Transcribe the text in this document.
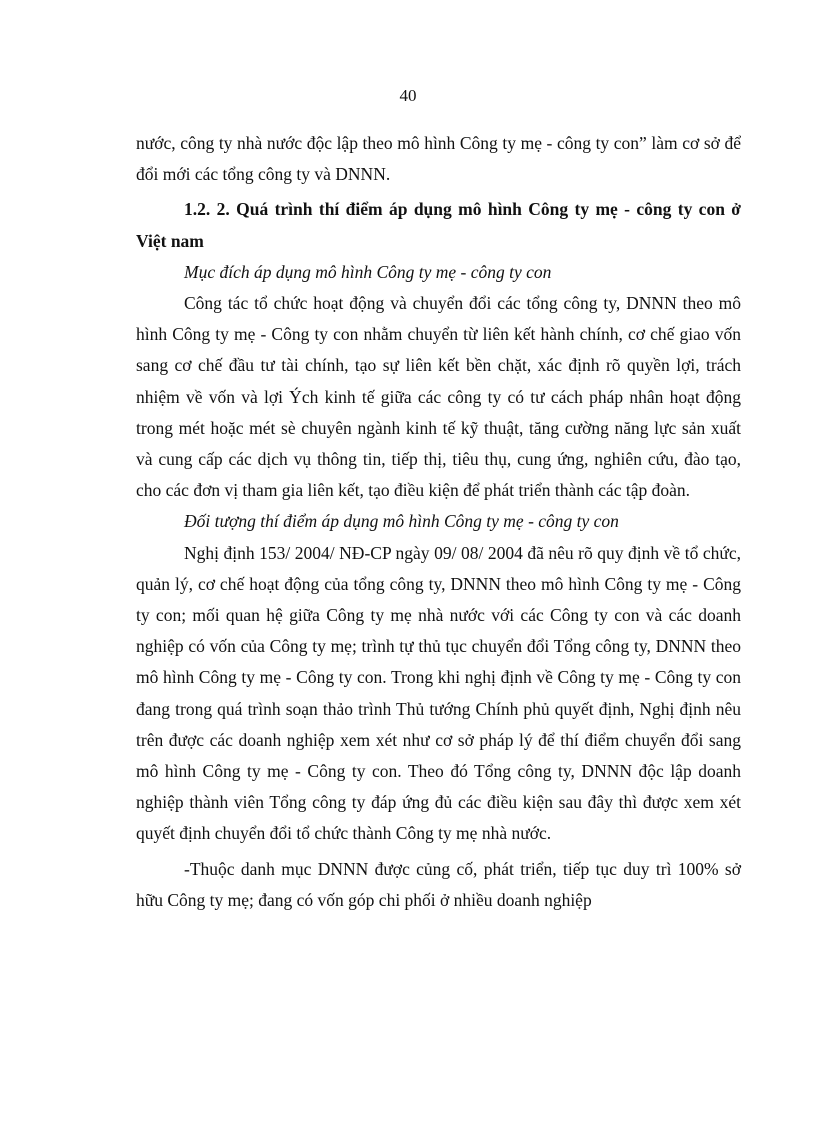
40

nước, công ty nhà nước độc lập theo mô hình Công ty mẹ - công ty con” làm cơ sở để đổi mới các tổng công ty và DNNN.

1.2. 2. Quá trình thí điểm áp dụng mô hình Công ty mẹ - công ty con ở Việt nam

Mục đích áp dụng mô hình Công ty mẹ - công ty con

Công tác tổ chức hoạt động và chuyển đổi các tổng công ty, DNNN theo mô hình Công ty mẹ - Công ty con nhằm chuyển từ liên kết hành chính, cơ chế giao vốn sang cơ chế đầu tư tài chính, tạo sự liên kết bền chặt, xác định rõ quyền lợi, trách nhiệm về vốn và lợi Ých kinh tế giữa các công ty có tư cách pháp nhân hoạt động trong mét hoặc mét sè chuyên ngành kinh tế kỹ thuật, tăng cường năng lực sản xuất và cung cấp các dịch vụ thông tin, tiếp thị, tiêu thụ, cung ứng, nghiên cứu, đào tạo, cho các đơn vị tham gia liên kết, tạo điều kiện để phát triển thành các tập đoàn.

Đối tượng thí điểm áp dụng mô hình Công ty mẹ - công ty con

Nghị định 153/ 2004/ NĐ-CP ngày 09/ 08/ 2004 đã nêu rõ quy định về tổ chức, quản lý, cơ chế hoạt động của tổng công ty, DNNN theo mô hình Công ty mẹ - Công ty con; mối quan hệ giữa Công ty mẹ nhà nước với các Công ty con và các doanh nghiệp có vốn của Công ty mẹ; trình tự thủ tục chuyển đổi Tổng công ty, DNNN theo mô hình Công ty mẹ - Công ty con. Trong khi nghị định về Công ty mẹ - Công ty con đang trong quá trình soạn thảo trình Thủ tướng Chính phủ quyết định, Nghị định nêu trên được các doanh nghiệp xem xét như cơ sở pháp lý để thí điểm chuyển đổi sang mô hình Công ty mẹ - Công ty con. Theo đó Tổng công ty, DNNN độc lập doanh nghiệp thành viên Tổng công ty đáp ứng đủ các điều kiện sau đây thì được xem xét quyết định chuyển đổi tổ chức thành Công ty mẹ nhà nước.

-Thuộc danh mục DNNN được củng cố, phát triển, tiếp tục duy trì 100% sở hữu Công ty mẹ; đang có vốn góp chi phối ở nhiều doanh nghiệp
